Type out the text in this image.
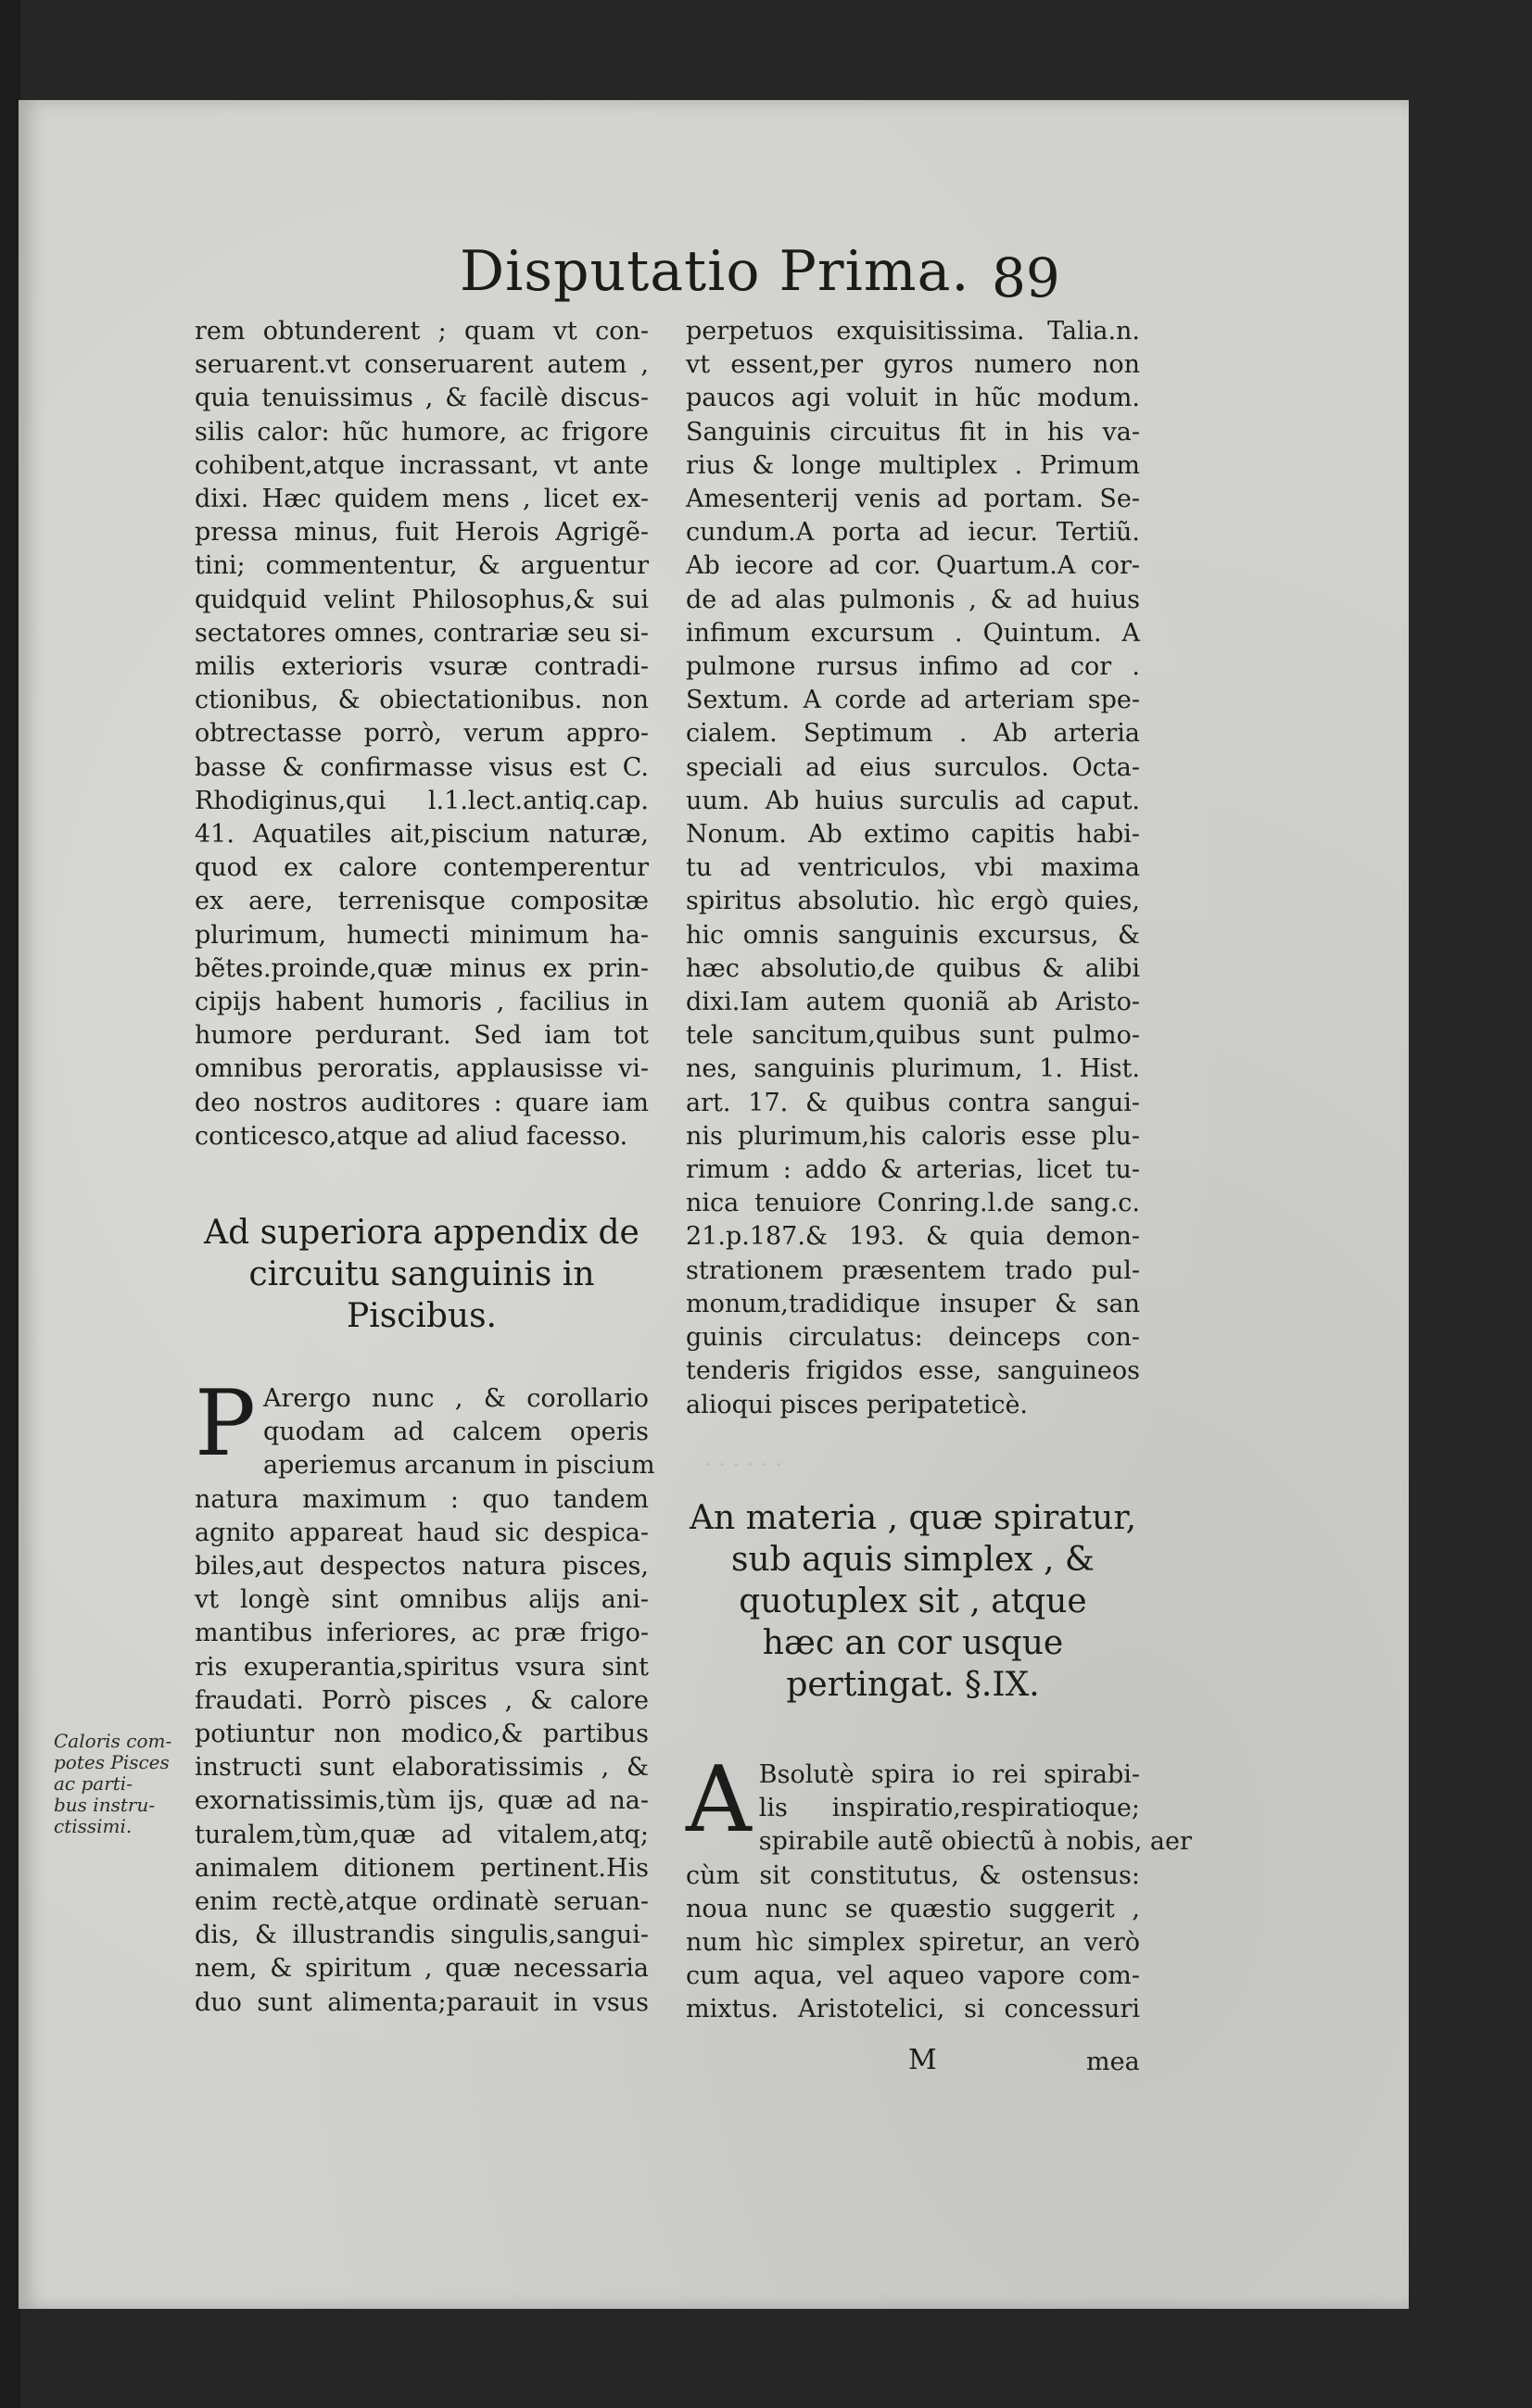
. . . . . .
Disputatio Prima. 89
rem obtunderent ; quam vt con-
seruarent.vt conseruarent autem ,
quia tenuissimus , & facilè discus-
silis calor: hũc humore, ac frigore
cohibent,atque incrassant, vt ante
dixi. Hæc quidem mens , licet ex-
pressa minus, fuit Herois Agrigẽ-
tini; commententur, & arguentur
quidquid velint Philosophus,& sui
sectatores omnes, contrariæ seu si-
milis exterioris vsuræ contradi-
ctionibus, & obiectationibus. non
obtrectasse porrò, verum appro-
basse & confirmasse visus est C.
Rhodiginus,qui l.1.lect.antiq.cap.
41. Aquatiles ait,piscium naturæ,
quod ex calore contemperentur
ex aere, terrenisque compositæ
plurimum, humecti minimum ha-
bẽtes.proinde,quæ minus ex prin-
cipijs habent humoris , facilius in
humore perdurant. Sed iam tot
omnibus peroratis, applausisse vi-
deo nostros auditores : quare iam
conticesco,atque ad aliud facesso.
Ad superiora appendix de
circuitu sanguinis in
Piscibus.
P Arergo nunc , & corollario
quodam ad calcem operis
aperiemus arcanum in piscium
natura maximum : quo tandem
agnito appareat haud sic despica-
biles,aut despectos natura pisces,
vt longè sint omnibus alijs ani-
mantibus inferiores, ac præ frigo-
ris exuperantia,spiritus vsura sint
fraudati. Porrò pisces , & calore
potiuntur non modico,& partibus
instructi sunt elaboratissimis , &
exornatissimis,tùm ijs, quæ ad na-
turalem,tùm,quæ ad vitalem,atq;
animalem ditionem pertinent.His
enim rectè,atque ordinatè seruan-
dis, & illustrandis singulis,sangui-
nem, & spiritum , quæ necessaria
duo sunt alimenta;parauit in vsus
Caloris com-
potes Pisces
ac parti-
bus instru-
ctissimi.
perpetuos exquisitissima. Talia.n.
vt essent,per gyros numero non
paucos agi voluit in hũc modum.
Sanguinis circuitus fit in his va-
rius & longe multiplex . Primum
Amesenterij venis ad portam. Se-
cundum.A porta ad iecur. Tertiũ.
Ab iecore ad cor. Quartum.A cor-
de ad alas pulmonis , & ad huius
infimum excursum . Quintum. A
pulmone rursus infimo ad cor .
Sextum. A corde ad arteriam spe-
cialem. Septimum . Ab arteria
speciali ad eius surculos. Octa-
uum. Ab huius surculis ad caput.
Nonum. Ab extimo capitis habi-
tu ad ventriculos, vbi maxima
spiritus absolutio. hìc ergò quies,
hic omnis sanguinis excursus, &
hæc absolutio,de quibus & alibi
dixi.Iam autem quoniã ab Aristo-
tele sancitum,quibus sunt pulmo-
nes, sanguinis plurimum, 1. Hist.
art. 17. & quibus contra sangui-
nis plurimum,his caloris esse plu-
rimum : addo & arterias, licet tu-
nica tenuiore Conring.l.de sang.c.
21.p.187.& 193. & quia demon-
strationem præsentem trado pul-
monum,tradidique insuper & san
guinis circulatus: deinceps con-
tenderis frigidos esse, sanguineos
alioqui pisces peripateticè.
An materia , quæ spiratur,
sub aquis simplex , &
quotuplex sit , atque
hæc an cor usque
pertingat. §.IX.
A Bsolutè spira io rei spirabi-
lis inspiratio,respiratioque;
spirabile autẽ obiectũ à nobis, aer
cùm sit constitutus, & ostensus:
noua nunc se quæstio suggerit ,
num hìc simplex spiretur, an verò
cum aqua, vel aqueo vapore com-
mixtus. Aristotelici, si concessuri
M	mea
